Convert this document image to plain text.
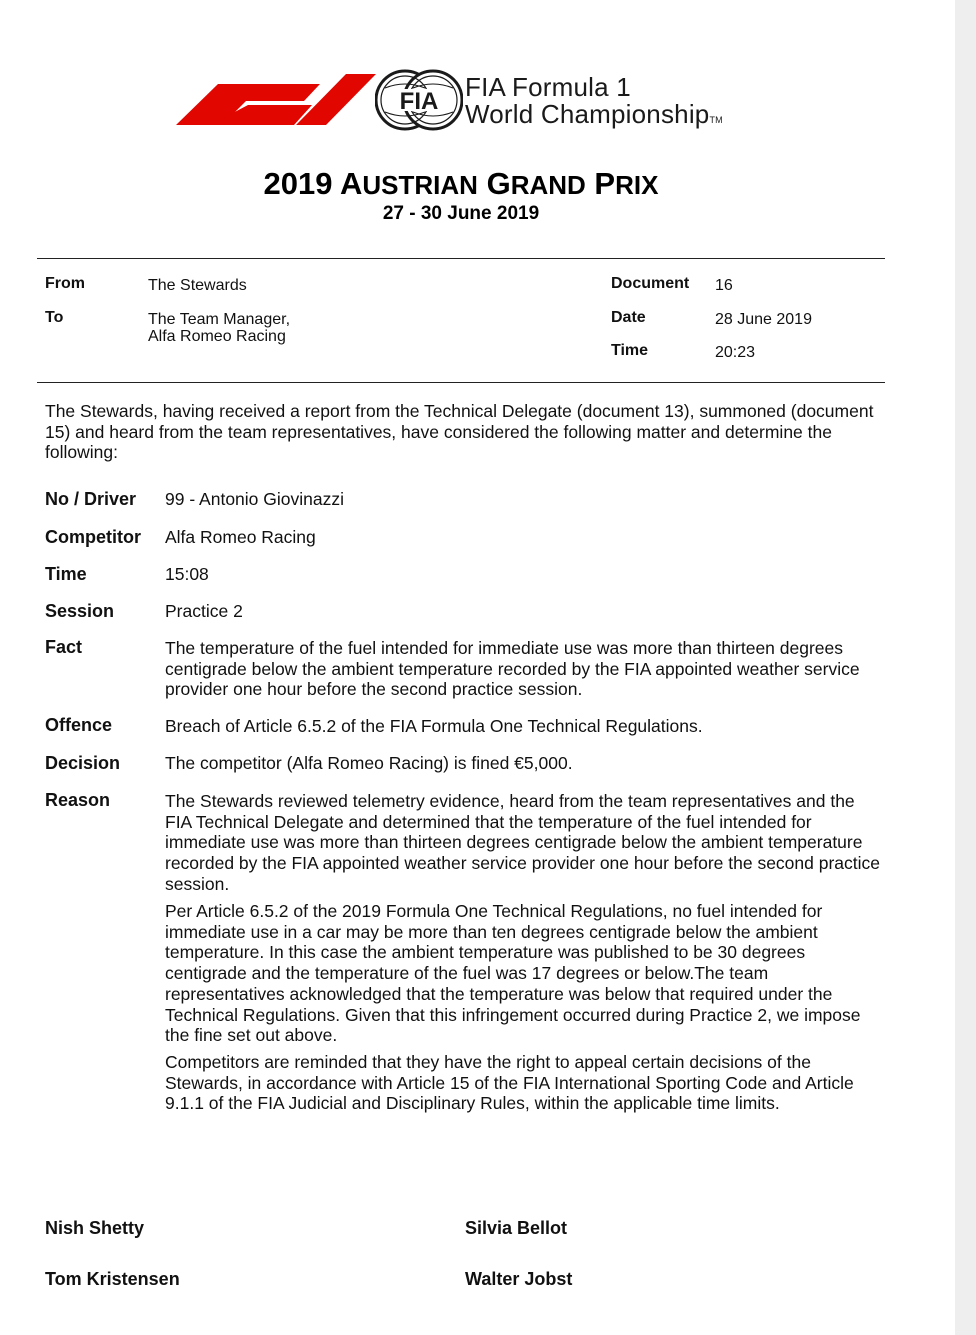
FIA FIA Formula 1
World ChampionshipTM
2019 AUSTRIAN GRAND PRIX
27 - 30 June 2019
From	The Stewards
To	The Team Manager,
Alfa Romeo Racing
Document 16
Date	28 June 2019
Time	20:23
The Stewards, having received a report from the Technical Delegate (document 13), summoned (document 15) and heard from the team representatives, have considered the following matter and determine the following:
No / Driver 99 - Antonio Giovinazzi
Competitor Alfa Romeo Racing
Time	15:08
Session	Practice 2
Fact	The temperature of the fuel intended for immediate use was more than thirteen degrees centigrade below the ambient temperature recorded by the FIA appointed weather service provider one hour before the second practice session.
Offence	Breach of Article 6.5.2 of the FIA Formula One Technical Regulations.
Decision	The competitor (Alfa Romeo Racing) is fined €5,000.
Reason	The Stewards reviewed telemetry evidence, heard from the team representatives and the FIA Technical Delegate and determined that the temperature of the fuel intended for immediate use was more than thirteen degrees centigrade below the ambient temperature recorded by the FIA appointed weather service provider one hour before the second practice session.
Per Article 6.5.2 of the 2019 Formula One Technical Regulations, no fuel intended for immediate use in a car may be more than ten degrees centigrade below the ambient temperature. In this case the ambient temperature was published to be 30 degrees centigrade and the temperature of the fuel was 17 degrees or below.The team representatives acknowledged that the temperature was below that required under the Technical Regulations. Given that this infringement occurred during Practice 2, we impose the fine set out above.
Competitors are reminded that they have the right to appeal certain decisions of the Stewards, in accordance with Article 15 of the FIA International Sporting Code and Article 9.1.1 of the FIA Judicial and Disciplinary Rules, within the applicable time limits.
Nish Shetty	Silvia Bellot
Tom Kristensen	Walter Jobst
